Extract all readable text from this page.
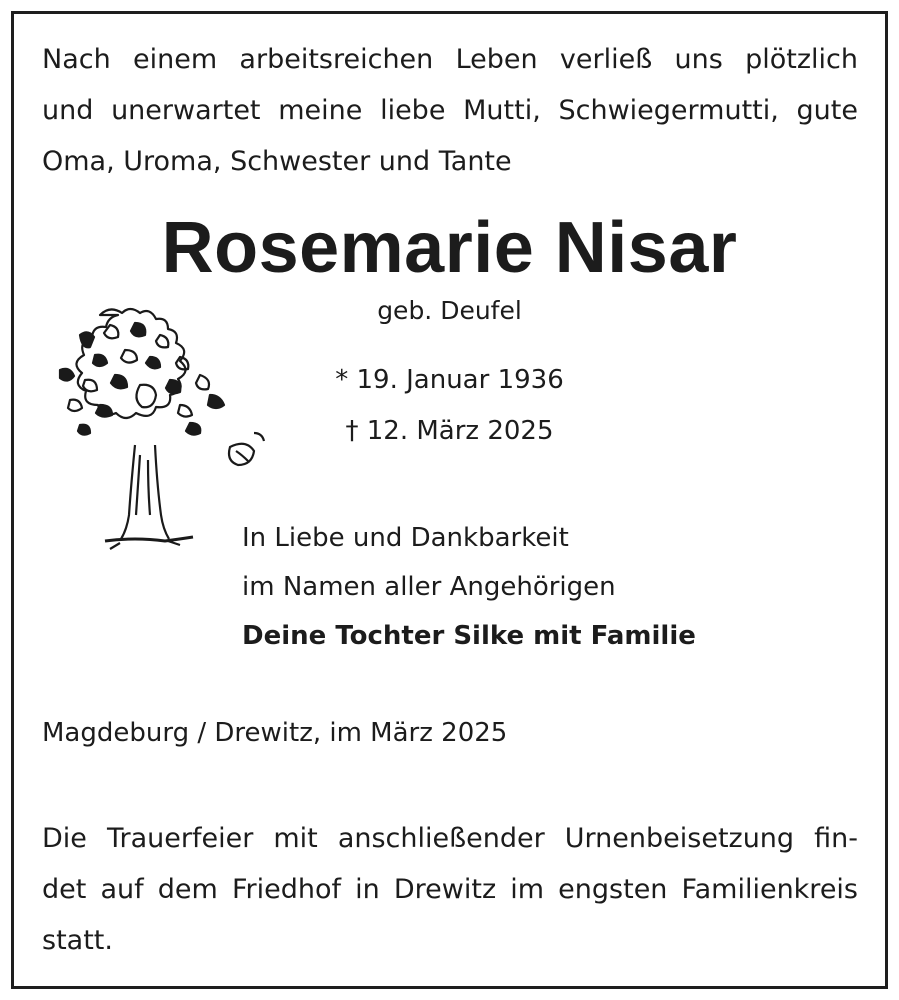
Nach einem arbeitsreichen Leben verließ uns plötzlich
und unerwartet meine liebe Mutti, Schwiegermutti, gute
Oma, Uroma, Schwester und Tante
Rosemarie Nisar
geb. Deufel
* 19. Januar 1936
† 12. März 2025
In Liebe und Dankbarkeit
im Namen aller Angehörigen
Deine Tochter Silke mit Familie
Magdeburg / Drewitz, im März 2025
Die Trauerfeier mit anschließender Urnenbeisetzung fin-
det auf dem Friedhof in Drewitz im engsten Familienkreis
statt.
